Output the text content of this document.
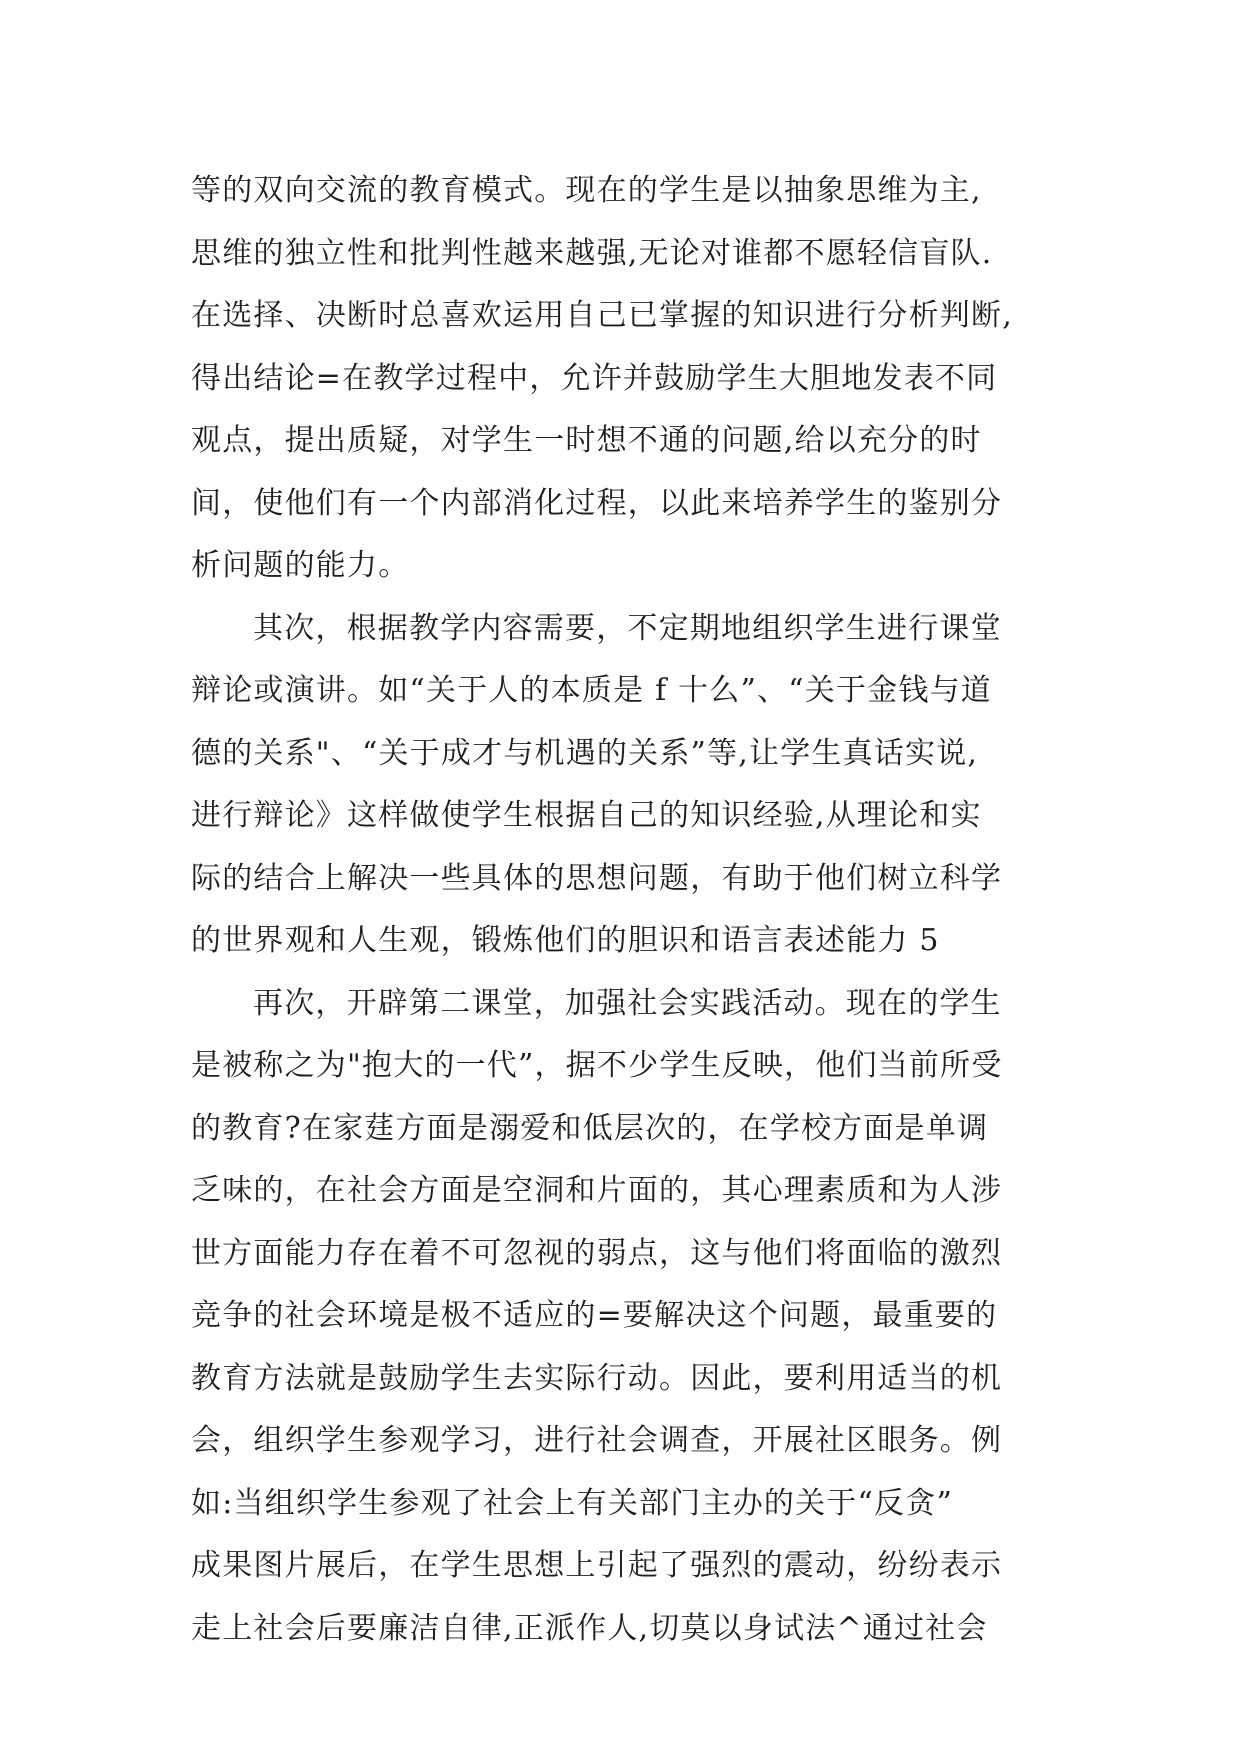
等的双向交流的教育模式。现在的学生是以抽象思维为主,
思维的独立性和批判性越来越强,无论对谁都不愿轻信盲队.
在选择、决断时总喜欢运用自己已掌握的知识进行分析判断,
得出结论=在教学过程中，允许并鼓励学生大胆地发表不同
观点，提出质疑，对学生一时想不通的问题,给以充分的时
间，使他们有一个内部消化过程，以此来培养学生的鉴别分
析问题的能力。
其次，根据教学内容需要，不定期地组织学生进行课堂
辩论或演讲。如“关于人的本质是 f 十么”、“关于金钱与道
德的关系"、“关于成才与机遇的关系”等,让学生真话实说,
进行辩论》这样做使学生根据自己的知识经验,从理论和实
际的结合上解决一些具体的思想问题，有助于他们树立科学
的世界观和人生观，锻炼他们的胆识和语言表述能力 5
再次，开辟第二课堂，加强社会实践活动。现在的学生
是被称之为"抱大的一代”，据不少学生反映，他们当前所受
的教育?在家莛方面是溺爱和低层次的，在学校方面是单调
乏味的，在社会方面是空洞和片面的，其心理素质和为人涉
世方面能力存在着不可忽视的弱点，这与他们将面临的激烈
竞争的社会环境是极不适应的=要解决这个问题，最重要的
教育方法就是鼓励学生去实际行动。因此，要利用适当的机
会，组织学生参观学习，进行社会调查，开展社区眼务。例
如:当组织学生参观了社会上有关部门主办的关于“反贪”
成果图片展后，在学生思想上引起了强烈的震动，纷纷表示
走上社会后要廉洁自律,正派作人,切莫以身试法^通过社会
